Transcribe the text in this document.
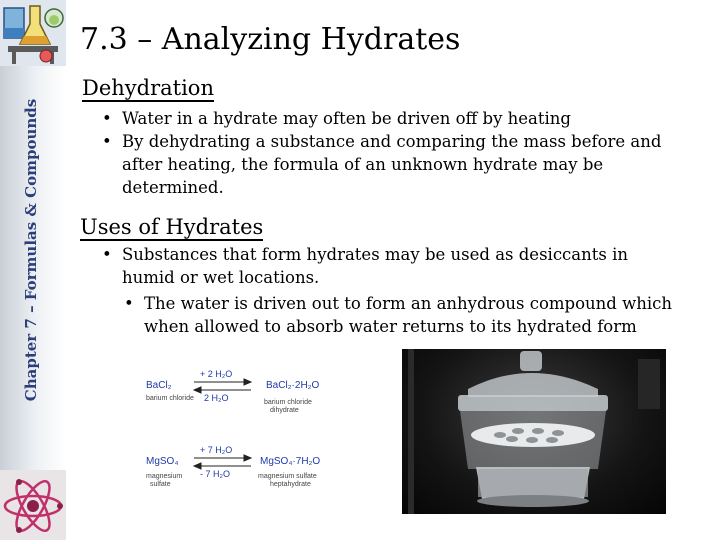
Chapter 7 – Formulas & Compounds
7.3 – Analyzing Hydrates
Dehydration
• Water in a hydrate may often be driven off by heating
• By dehydrating a substance and comparing the mass before and after heating, the formula of an unknown hydrate may be determined.
Uses of Hydrates
• Substances that form hydrates may be used as desiccants in humid or wet locations.
• The water is driven out to form an anhydrous compound which when allowed to absorb water returns to its hydrated form
BaCl₂
+ 2 H₂O
2 H₂O
BaCl₂·2H₂O
MgSO₄
+ 7 H₂O
- 7 H₂O
MgSO₄·7H₂O
barium chloride
barium chloride
dihydrate
magnesium
sulfate
magnesium sulfate
heptahydrate
